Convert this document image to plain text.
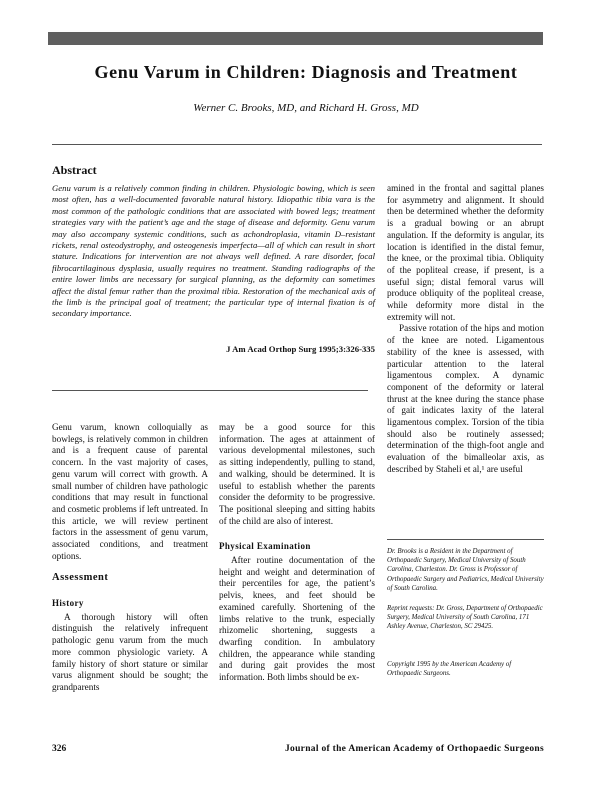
Genu Varum in Children: Diagnosis and Treatment
Werner C. Brooks, MD, and Richard H. Gross, MD
Abstract

Genu varum is a relatively common finding in children. Physiologic bowing, which is seen most often, has a well-documented favorable natural history. Idiopathic tibia vara is the most common of the pathologic conditions that are associated with bowed legs; treatment strategies vary with the patient’s age and the stage of disease and deformity. Genu varum may also accompany systemic conditions, such as achondroplasia, vitamin D–resistant rickets, renal osteodystrophy, and osteogenesis imperfecta—all of which can result in short stature. Indications for intervention are not always well defined. A rare disorder, focal fibrocartilaginous dysplasia, usually requires no treatment. Standing radiographs of the entire lower limbs are necessary for surgical planning, as the deformity can sometimes affect the distal femur rather than the proximal tibia. Restoration of the mechanical axis of the limb is the principal goal of treatment; the particular type of internal fixation is of secondary importance.

J Am Acad Orthop Surg 1995;3:326-335

Genu varum, known colloquially as bowlegs, is relatively common in children and is a frequent cause of parental concern. In the vast majority of cases, genu varum will correct with growth. A small number of children have pathologic conditions that may result in functional and cosmetic problems if left untreated. In this article, we will review pertinent factors in the assessment of genu varum, associated conditions, and treatment options.

Assessment
History

A thorough history will often distinguish the relatively infrequent pathologic genu varum from the much more common physiologic variety. A family history of short stature or similar varus alignment should be sought; the grandparents

may be a good source for this information. The ages at attainment of various developmental milestones, such as sitting independently, pulling to stand, and walking, should be determined. It is useful to establish whether the parents consider the deformity to be progressive. The positional sleeping and sitting habits of the child are also of interest.

Physical Examination

After routine documentation of the height and weight and determination of their percentiles for age, the patient’s pelvis, knees, and feet should be examined carefully. Shortening of the limbs relative to the trunk, especially rhizomelic shortening, suggests a dwarfing condition. In ambulatory children, the appearance while standing and during gait provides the most information. Both limbs should be ex-

amined in the frontal and sagittal planes for asymmetry and alignment. It should then be determined whether the deformity is a gradual bowing or an abrupt angulation. If the deformity is angular, its location is identified in the distal femur, the knee, or the proximal tibia. Obliquity of the popliteal crease, if present, is a useful sign; distal femoral varus will produce obliquity of the popliteal crease, while deformity more distal in the extremity will not.

Passive rotation of the hips and motion of the knee are noted. Ligamentous stability of the knee is assessed, with particular attention to the lateral ligamentous complex. A dynamic component of the deformity or lateral thrust at the knee during the stance phase of gait indicates laxity of the lateral ligamentous complex. Torsion of the tibia should also be routinely assessed; determination of the thigh-foot angle and evaluation of the bimalleolar axis, as described by Staheli et al,¹ are useful

Dr. Brooks is a Resident in the Department of Orthopaedic Surgery, Medical University of South Carolina, Charleston. Dr. Gross is Professor of Orthopaedic Surgery and Pediatrics, Medical University of South Carolina.

Reprint requests: Dr. Gross, Department of Orthopaedic Surgery, Medical University of South Carolina, 171 Ashley Avenue, Charleston, SC 29425.

Copyright 1995 by the American Academy of Orthopaedic Surgeons.

326	Journal of the American Academy of Orthopaedic Surgeons
